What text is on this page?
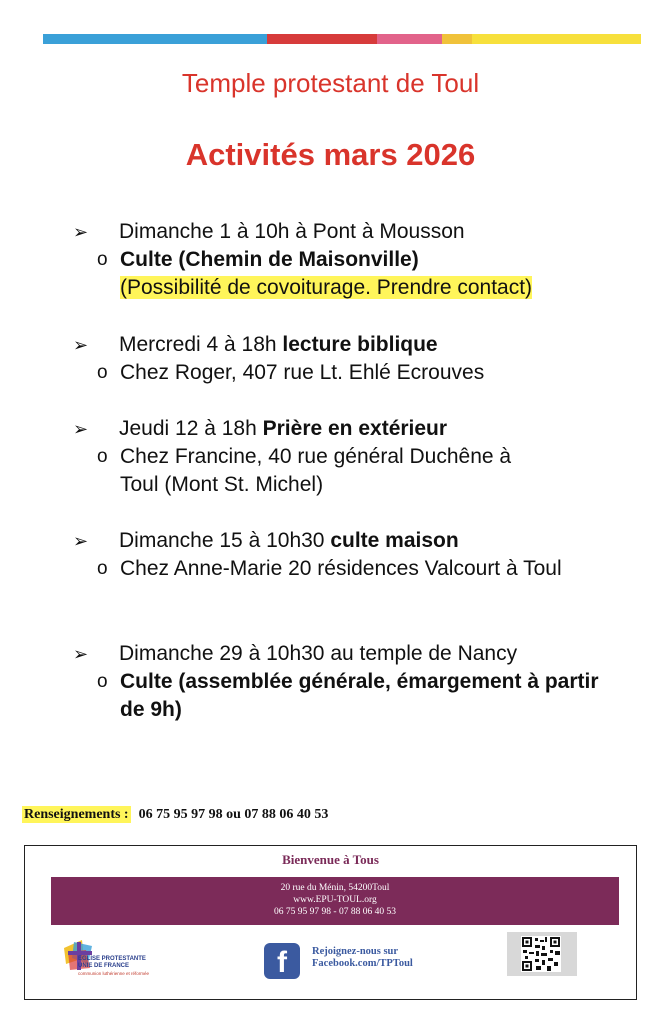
Temple protestant de Toul
Activités mars 2026
➢ Dimanche 1 à 10h à Pont à Mousson
o Culte (Chemin de Maisonville)
(Possibilité de covoiturage. Prendre contact)
➢ Mercredi 4 à 18h lecture biblique
o Chez Roger, 407 rue Lt. Ehlé Ecrouves
➢ Jeudi 12 à 18h Prière en extérieur
o Chez Francine, 40 rue général Duchêne à Toul (Mont St. Michel)
➢ Dimanche 15 à 10h30 culte maison
o Chez Anne-Marie 20 résidences Valcourt à Toul
➢ Dimanche 29 à 10h30 au temple de Nancy
o Culte (assemblée générale, émargement à partir de 9h)
Renseignements : 06 75 95 97 98 ou 07 88 06 40 53
Bienvenue à Tous
20 rue du Ménin, 54200Toul
www.EPU-TOUL.org
06 75 95 97 98 - 07 88 06 40 53
EGLISE PROTESTANTE
UNIE DE FRANCE
communion luthérienne et réformée	f	Rejoignez-nous sur
Facebook.com/TPToul
